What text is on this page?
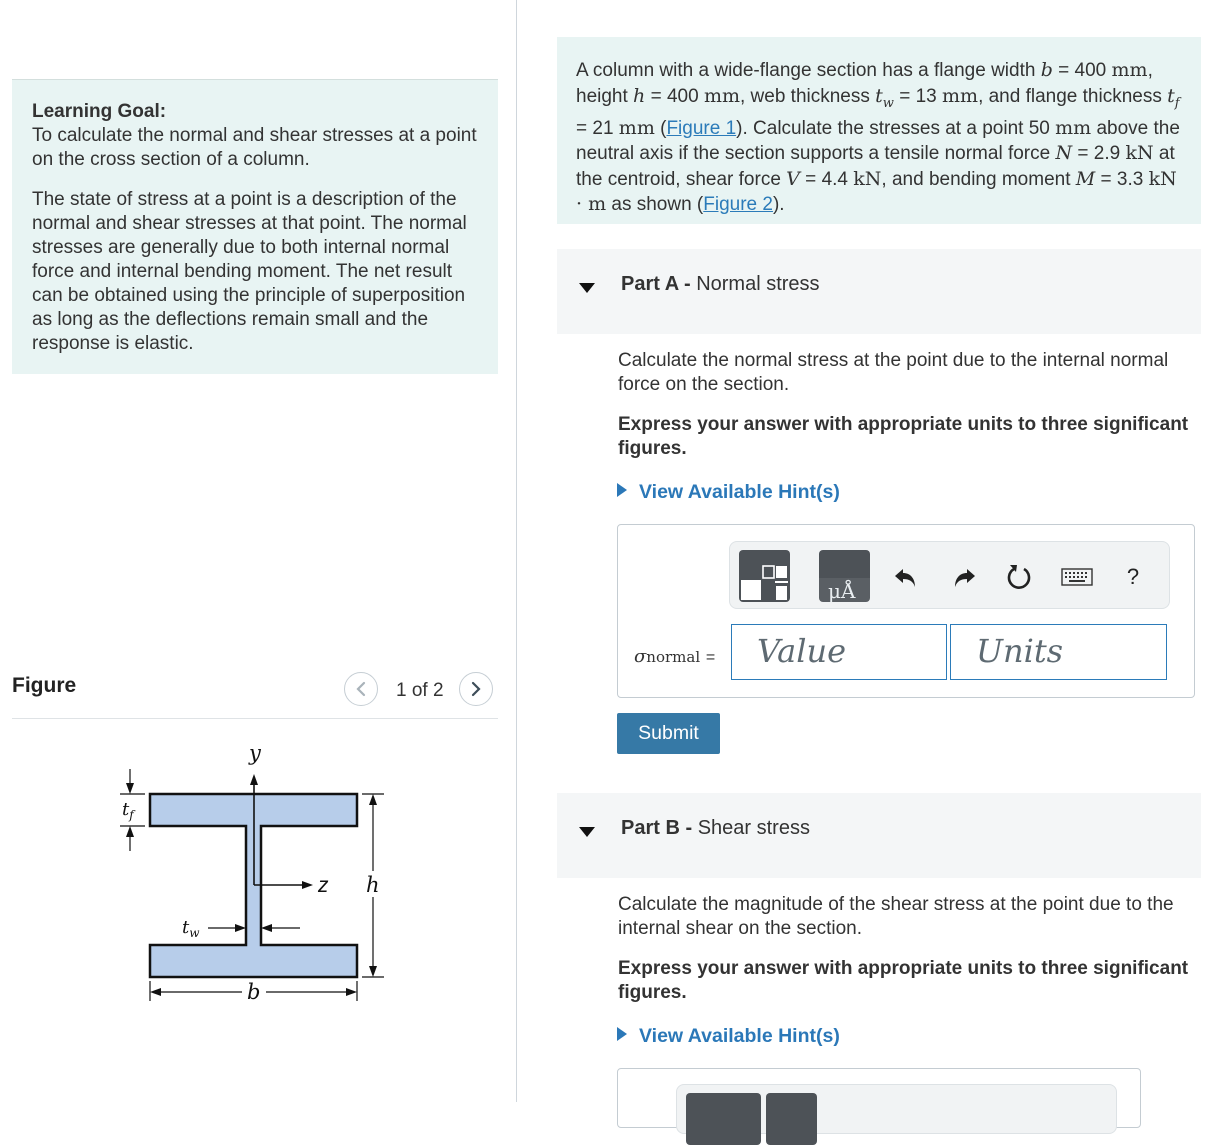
Learning Goal:

To calculate the normal and shear stresses at a point on the cross section of a column.

The state of stress at a point is a description of the normal and shear stresses at that point. The normal stresses are generally due to both internal normal force and internal bending moment. The net result can be obtained using the principle of superposition as long as the deflections remain small and the response is elastic.

Figure	1 of 2
y
z h
$t_f$
$t_w$
b
A column with a wide-flange section has a flange width b = 400 mm, height h = 400 mm, web thickness $t_w = 13$ mm, and flange thickness $t_f = 21$ mm (Figure 1). Calculate the stresses at a point 50 mm above the neutral axis if the section supports a tensile normal force N = 2.9 kN at the centroid, shear force V = 4.4 kN, and bending moment M = 3.3 kN · m as shown (Figure 2).
Part A - Normal stress

Calculate the normal stress at the point due to the internal normal force on the section.

Express your answer with appropriate units to three significant figures.

View Available Hint(s)
μÅ
?
σnormal =	Value	Units
Submit
Part B - Shear stress

Calculate the magnitude of the shear stress at the point due to the internal shear on the section.

Express your answer with appropriate units to three significant figures.

View Available Hint(s)
